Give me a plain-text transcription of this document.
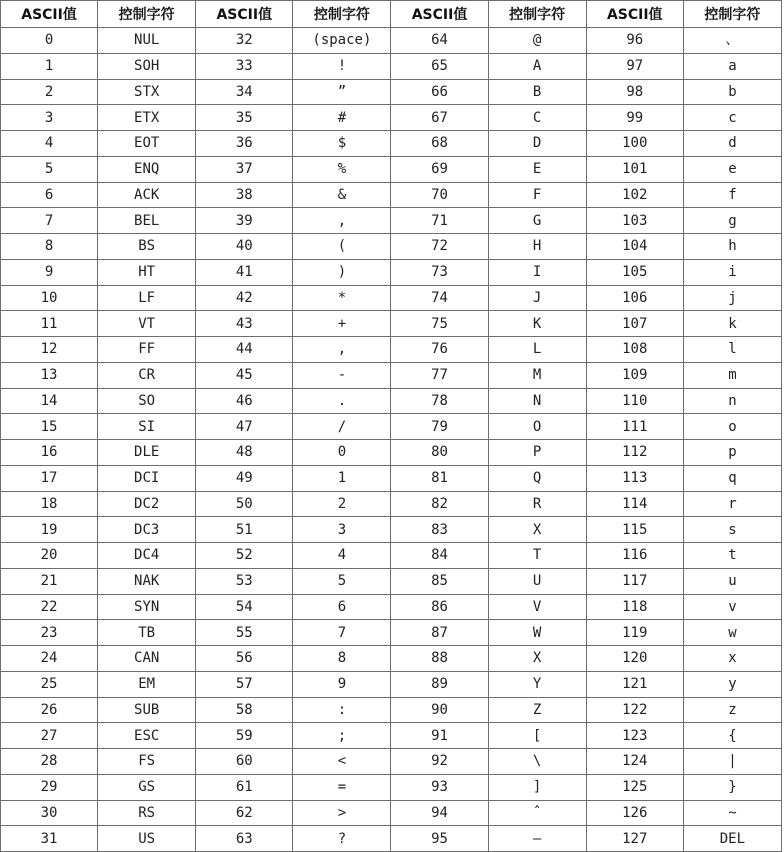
ASCII值	控制字符	ASCII值	控制字符	ASCII值	控制字符	ASCII值	控制字符
0	NUL	32	(space)	64	@	96	、
1	SOH	33	!	65	A	97	a
2	STX	34	”	66	B	98	b
3	ETX	35	#	67	C	99	c
4	EOT	36	$	68	D	100	d
5	ENQ	37	%	69	E	101	e
6	ACK	38	&	70	F	102	f
7	BEL	39	,	71	G	103	g
8	BS	40	(	72	H	104	h
9	HT	41	)	73	I	105	i
10	LF	42	*	74	J	106	j
11	VT	43	+	75	K	107	k
12	FF	44	,	76	L	108	l
13	CR	45	-	77	M	109	m
14	SO	46	.	78	N	110	n
15	SI	47	/	79	O	111	o
16	DLE	48	0	80	P	112	p
17	DCI	49	1	81	Q	113	q
18	DC2	50	2	82	R	114	r
19	DC3	51	3	83	X	115	s
20	DC4	52	4	84	T	116	t
21	NAK	53	5	85	U	117	u
22	SYN	54	6	86	V	118	v
23	TB	55	7	87	W	119	w
24	CAN	56	8	88	X	120	x
25	EM	57	9	89	Y	121	y
26	SUB	58	:	90	Z	122	z
27	ESC	59	;	91	[	123	{
28	FS	60	<	92	\	124	|
29	GS	61	=	93	]	125	}
30	RS	62	>	94	ˆ	126	~
31	US	63	?	95	—	127	DEL
